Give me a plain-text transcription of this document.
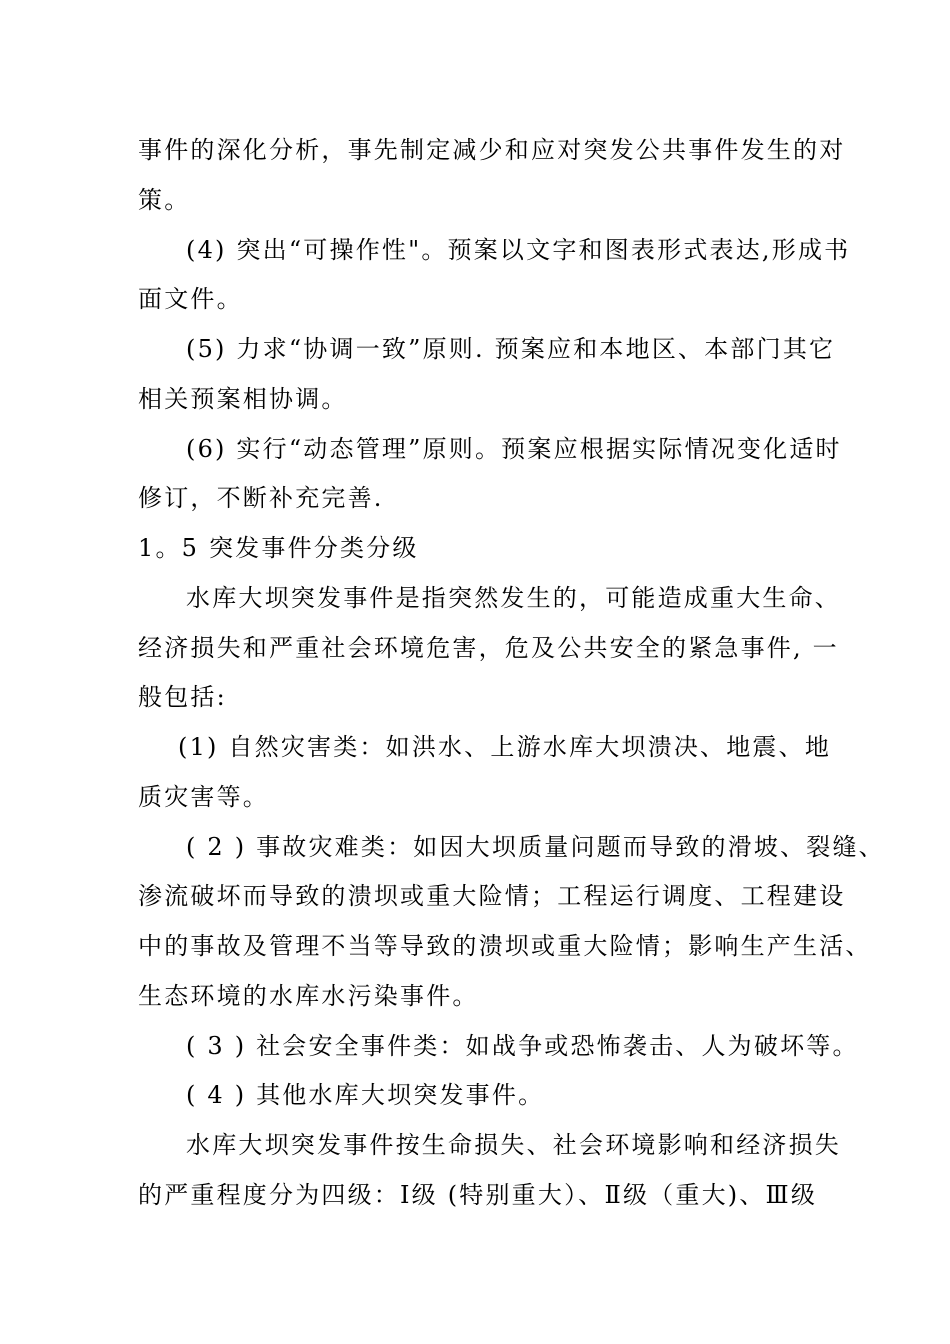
事件的深化分析，事先制定减少和应对突发公共事件发生的对
策。
(4) 突出“可操作性"。预案以文字和图表形式表达,形成书
面文件。
(5) 力求“协调一致”原则. 预案应和本地区、本部门其它
相关预案相协调。
(6) 实行“动态管理”原则。预案应根据实际情况变化适时
修订，不断补充完善.
1。5 突发事件分类分级
水库大坝突发事件是指突然发生的，可能造成重大生命、
经济损失和严重社会环境危害，危及公共安全的紧急事件, 一
般包括:
(1) 自然灾害类：如洪水、上游水库大坝溃决、地震、地
质灾害等。
( 2 ) 事故灾难类：如因大坝质量问题而导致的滑坡、裂缝、
渗流破坏而导致的溃坝或重大险情；工程运行调度、工程建设
中的事故及管理不当等导致的溃坝或重大险情；影响生产生活、
生态环境的水库水污染事件。
( 3 ) 社会安全事件类：如战争或恐怖袭击、人为破坏等。
( 4 ) 其他水库大坝突发事件。
水库大坝突发事件按生命损失、社会环境影响和经济损失
的严重程度分为四级：Ⅰ级 (特别重大）、Ⅱ级（重大)、Ⅲ级
